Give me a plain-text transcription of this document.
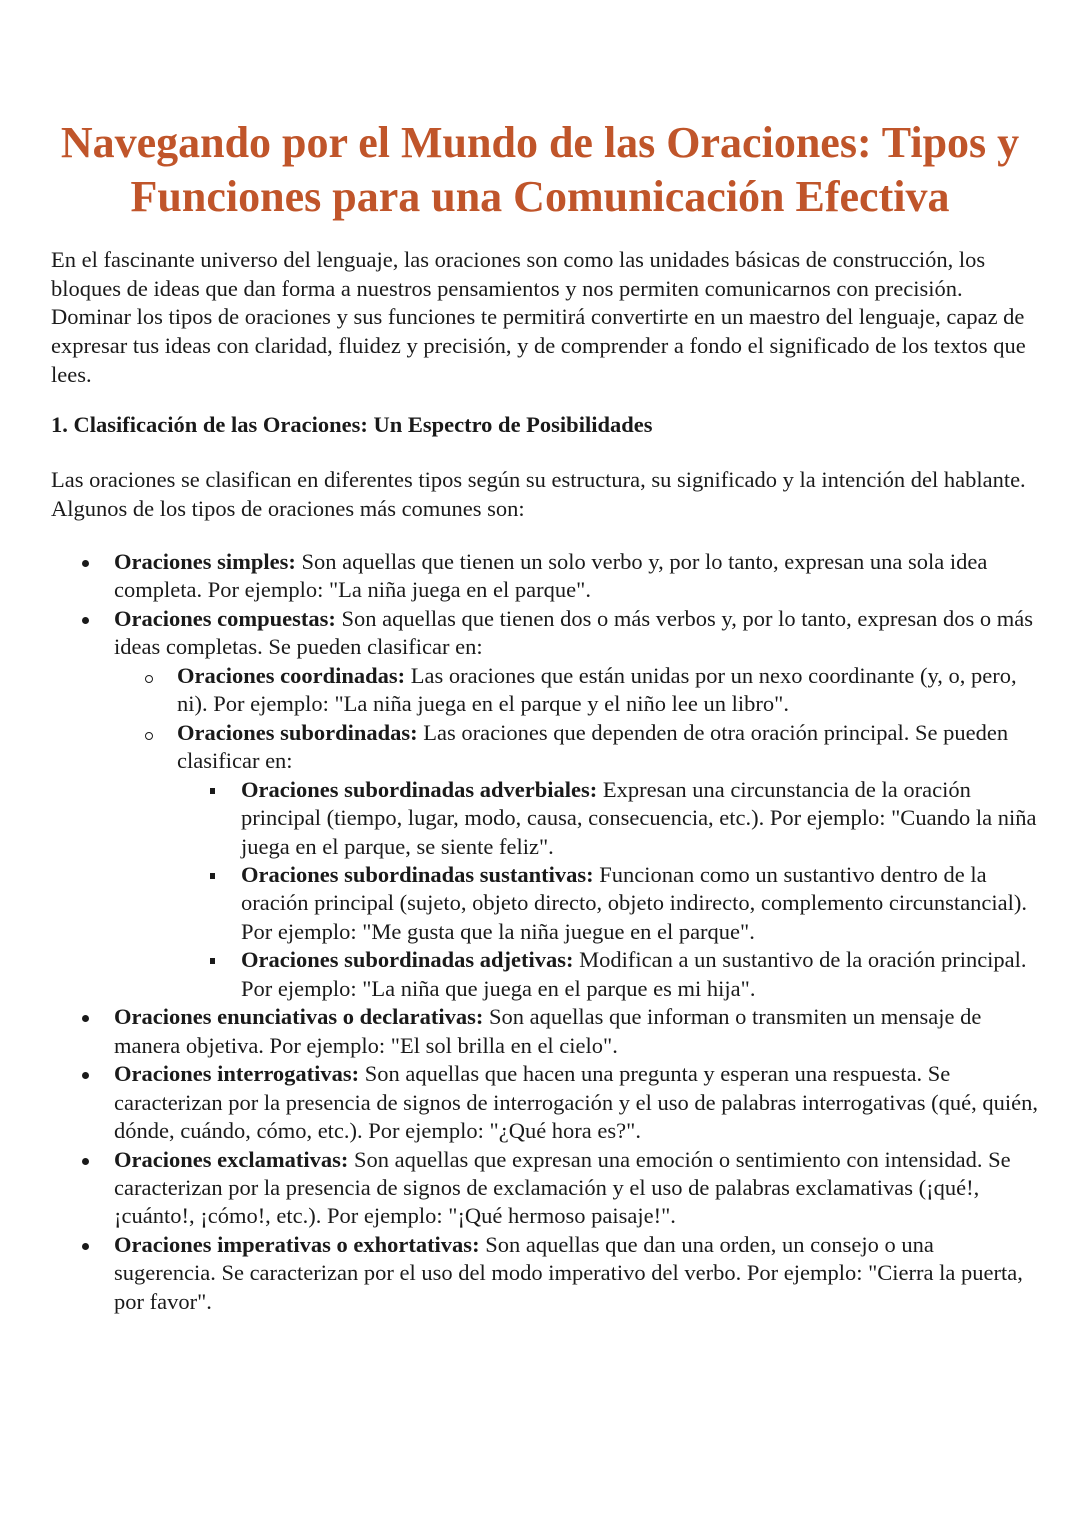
Navegando por el Mundo de las Oraciones: Tipos y Funciones para una Comunicación Efectiva

En el fascinante universo del lenguaje, las oraciones son como las unidades básicas de construcción, los bloques de ideas que dan forma a nuestros pensamientos y nos permiten comunicarnos con precisión. Dominar los tipos de oraciones y sus funciones te permitirá convertirte en un maestro del lenguaje, capaz de expresar tus ideas con claridad, fluidez y precisión, y de comprender a fondo el significado de los textos que lees.

1. Clasificación de las Oraciones: Un Espectro de Posibilidades

Las oraciones se clasifican en diferentes tipos según su estructura, su significado y la intención del hablante. Algunos de los tipos de oraciones más comunes son:

Oraciones simples: Son aquellas que tienen un solo verbo y, por lo tanto, expresan una sola idea completa. Por ejemplo: "La niña juega en el parque".
Oraciones compuestas: Son aquellas que tienen dos o más verbos y, por lo tanto, expresan dos o más ideas completas. Se pueden clasificar en:
Oraciones coordinadas: Las oraciones que están unidas por un nexo coordinante (y, o, pero, ni). Por ejemplo: "La niña juega en el parque y el niño lee un libro".
Oraciones subordinadas: Las oraciones que dependen de otra oración principal. Se pueden clasificar en:
Oraciones subordinadas adverbiales: Expresan una circunstancia de la oración principal (tiempo, lugar, modo, causa, consecuencia, etc.). Por ejemplo: "Cuando la niña juega en el parque, se siente feliz".
Oraciones subordinadas sustantivas: Funcionan como un sustantivo dentro de la oración principal (sujeto, objeto directo, objeto indirecto, complemento circunstancial). Por ejemplo: "Me gusta que la niña juegue en el parque".
Oraciones subordinadas adjetivas: Modifican a un sustantivo de la oración principal. Por ejemplo: "La niña que juega en el parque es mi hija".
Oraciones enunciativas o declarativas: Son aquellas que informan o transmiten un mensaje de manera objetiva. Por ejemplo: "El sol brilla en el cielo".
Oraciones interrogativas: Son aquellas que hacen una pregunta y esperan una respuesta. Se caracterizan por la presencia de signos de interrogación y el uso de palabras interrogativas (qué, quién, dónde, cuándo, cómo, etc.). Por ejemplo: "¿Qué hora es?".
Oraciones exclamativas: Son aquellas que expresan una emoción o sentimiento con intensidad. Se caracterizan por la presencia de signos de exclamación y el uso de palabras exclamativas (¡qué!, ¡cuánto!, ¡cómo!, etc.). Por ejemplo: "¡Qué hermoso paisaje!".
Oraciones imperativas o exhortativas: Son aquellas que dan una orden, un consejo o una sugerencia. Se caracterizan por el uso del modo imperativo del verbo. Por ejemplo: "Cierra la puerta, por favor".
